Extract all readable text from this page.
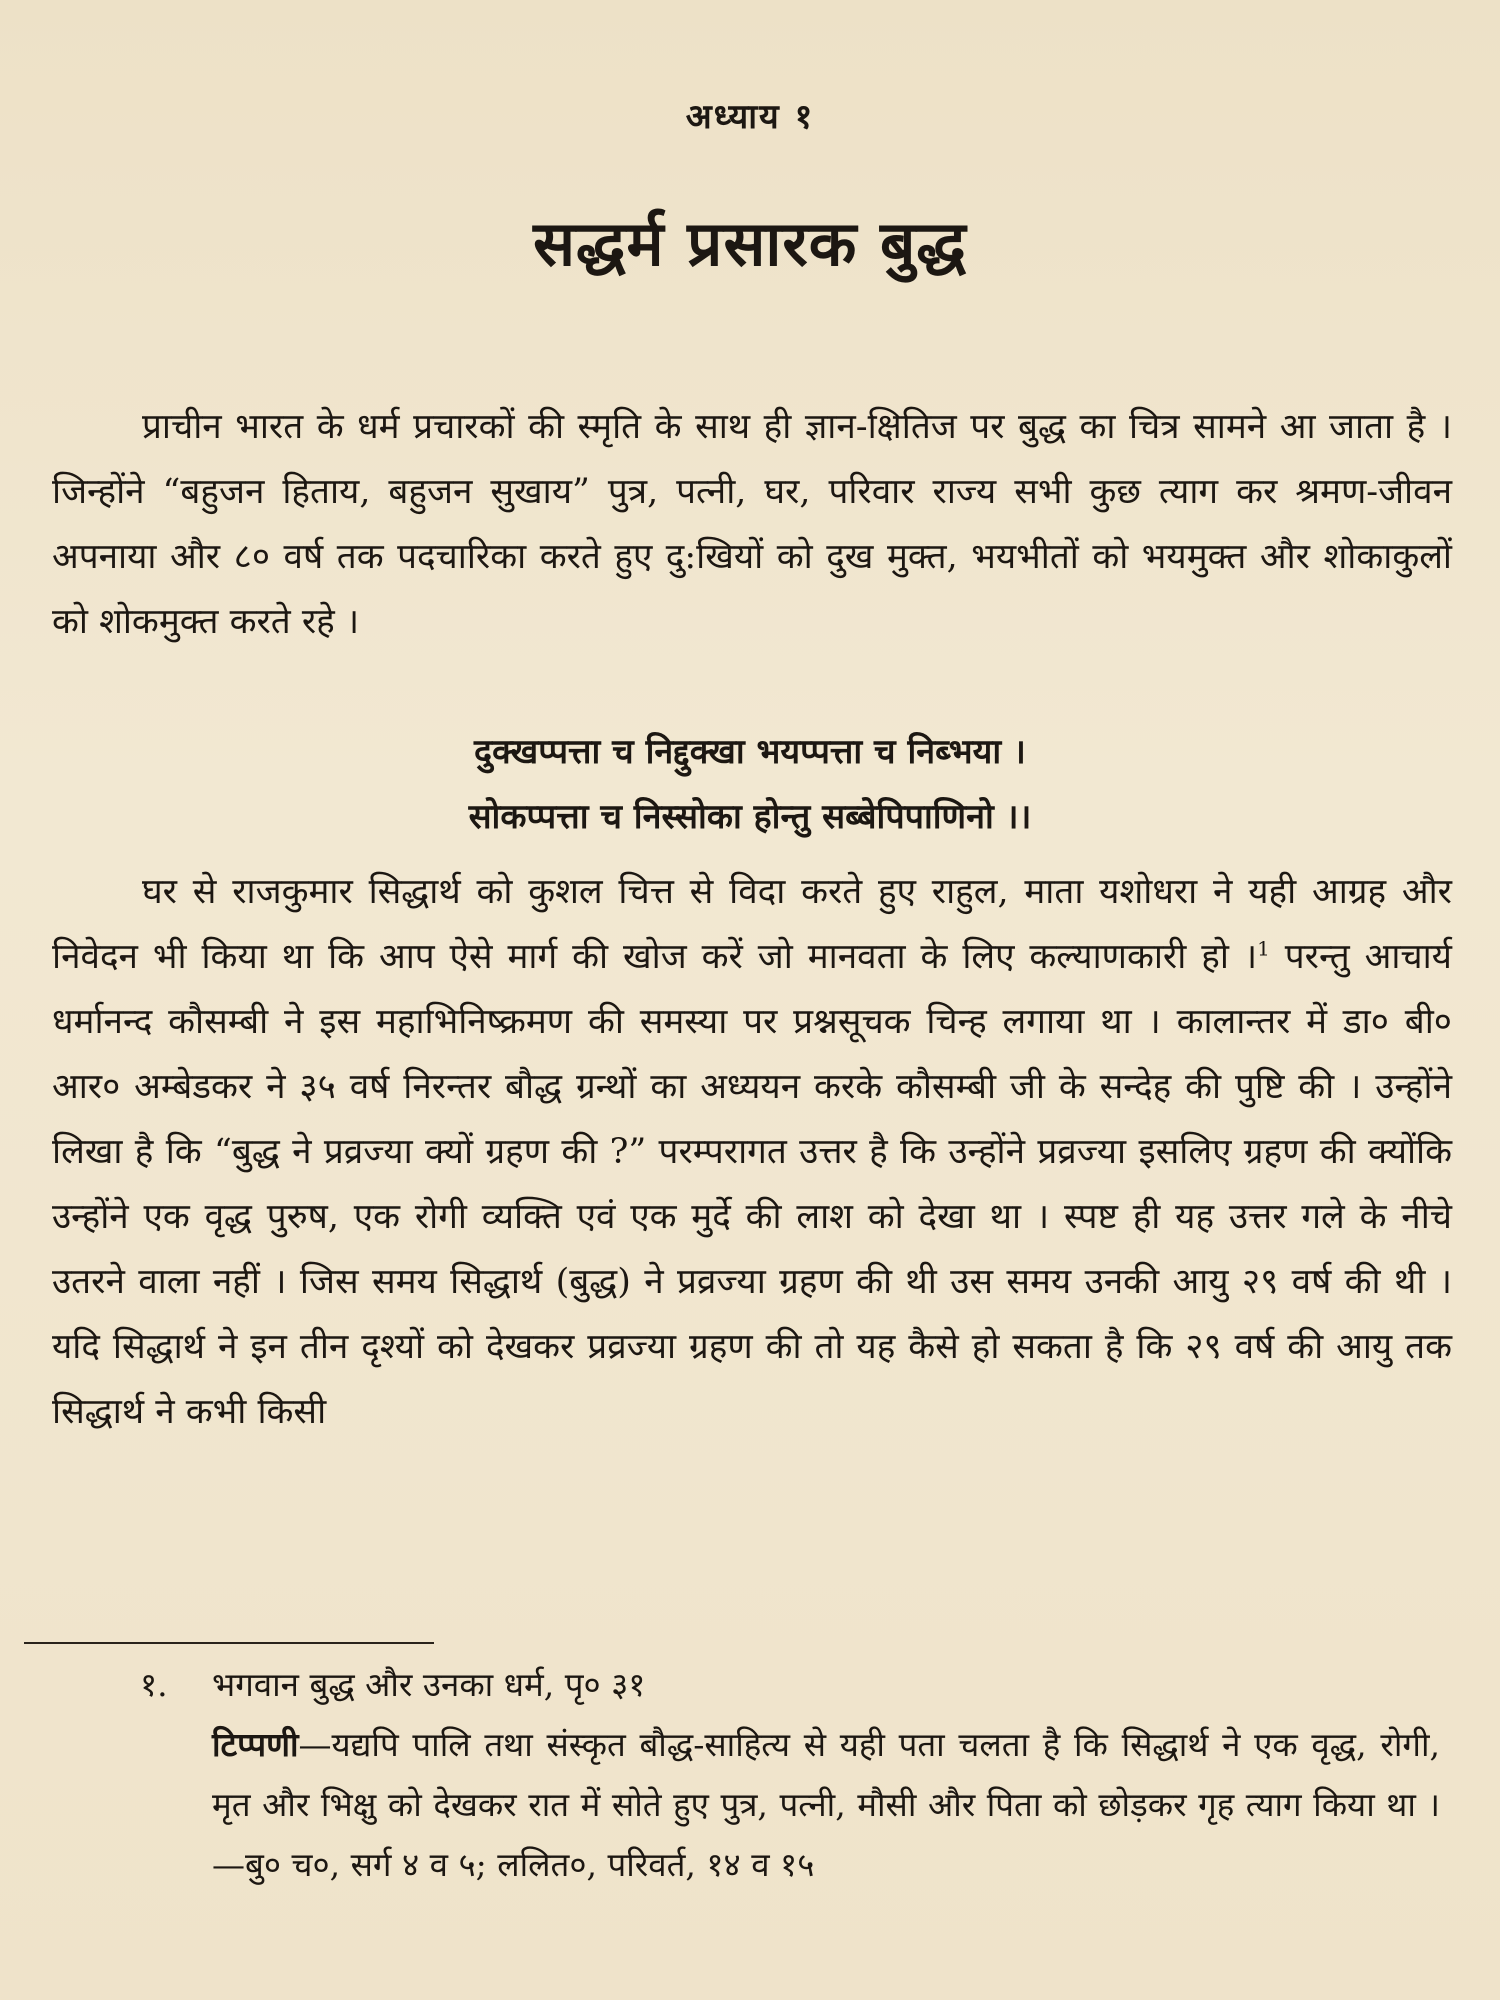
अध्याय १
सद्धर्म प्रसारक बुद्ध

प्राचीन भारत के धर्म प्रचारकों की स्मृति के साथ ही ज्ञान-क्षितिज पर बुद्ध का चित्र सामने आ जाता है । जिन्होंने “बहुजन हिताय, बहुजन सुखाय” पुत्र, पत्नी, घर, परिवार राज्य सभी कुछ त्याग कर श्रमण-जीवन अपनाया और ८० वर्ष तक पदचारिका करते हुए दु:खियों को दुख मुक्त, भयभीतों को भयमुक्त और शोकाकुलों को शोकमुक्त करते रहे ।

दुक्खप्पत्ता च निद्दुक्खा भयप्पत्ता च निब्भया ।
सोकप्पत्ता च निस्सोका होन्तु सब्बेपिपाणिनो ।।

घर से राजकुमार सिद्धार्थ को कुशल चित्त से विदा करते हुए राहुल, माता यशोधरा ने यही आग्रह और निवेदन भी किया था कि आप ऐसे मार्ग की खोज करें जो मानवता के लिए कल्याणकारी हो ।$^1$ परन्तु आचार्य धर्मानन्द कौसम्बी ने इस महाभिनिष्क्रमण की समस्या पर प्रश्नसूचक चिन्ह लगाया था । कालान्तर में डा० बी० आर० अम्बेडकर ने ३५ वर्ष निरन्तर बौद्ध ग्रन्थों का अध्ययन करके कौसम्बी जी के सन्देह की पुष्टि की । उन्होंने लिखा है कि “बुद्ध ने प्रव्रज्या क्यों ग्रहण की ?” परम्परागत उत्तर है कि उन्होंने प्रव्रज्या इसलिए ग्रहण की क्योंकि उन्होंने एक वृद्ध पुरुष, एक रोगी व्यक्ति एवं एक मुर्दे की लाश को देखा था । स्पष्ट ही यह उत्तर गले के नीचे उतरने वाला नहीं । जिस समय सिद्धार्थ (बुद्ध) ने प्रव्रज्या ग्रहण की थी उस समय उनकी आयु २९ वर्ष की थी । यदि सिद्धार्थ ने इन तीन दृश्यों को देखकर प्रव्रज्या ग्रहण की तो यह कैसे हो सकता है कि २९ वर्ष की आयु तक सिद्धार्थ ने कभी किसी

१. भगवान बुद्ध और उनका धर्म, पृ० ३१
टिप्पणी—यद्यपि पालि तथा संस्कृत बौद्ध-साहित्य से यही पता चलता है कि सिद्धार्थ ने एक वृद्ध, रोगी, मृत और भिक्षु को देखकर रात में सोते हुए पुत्र, पत्नी, मौसी और पिता को छोड़कर गृह त्याग किया था । —बु० च०, सर्ग ४ व ५; ललित०, परिवर्त, १४ व १५
